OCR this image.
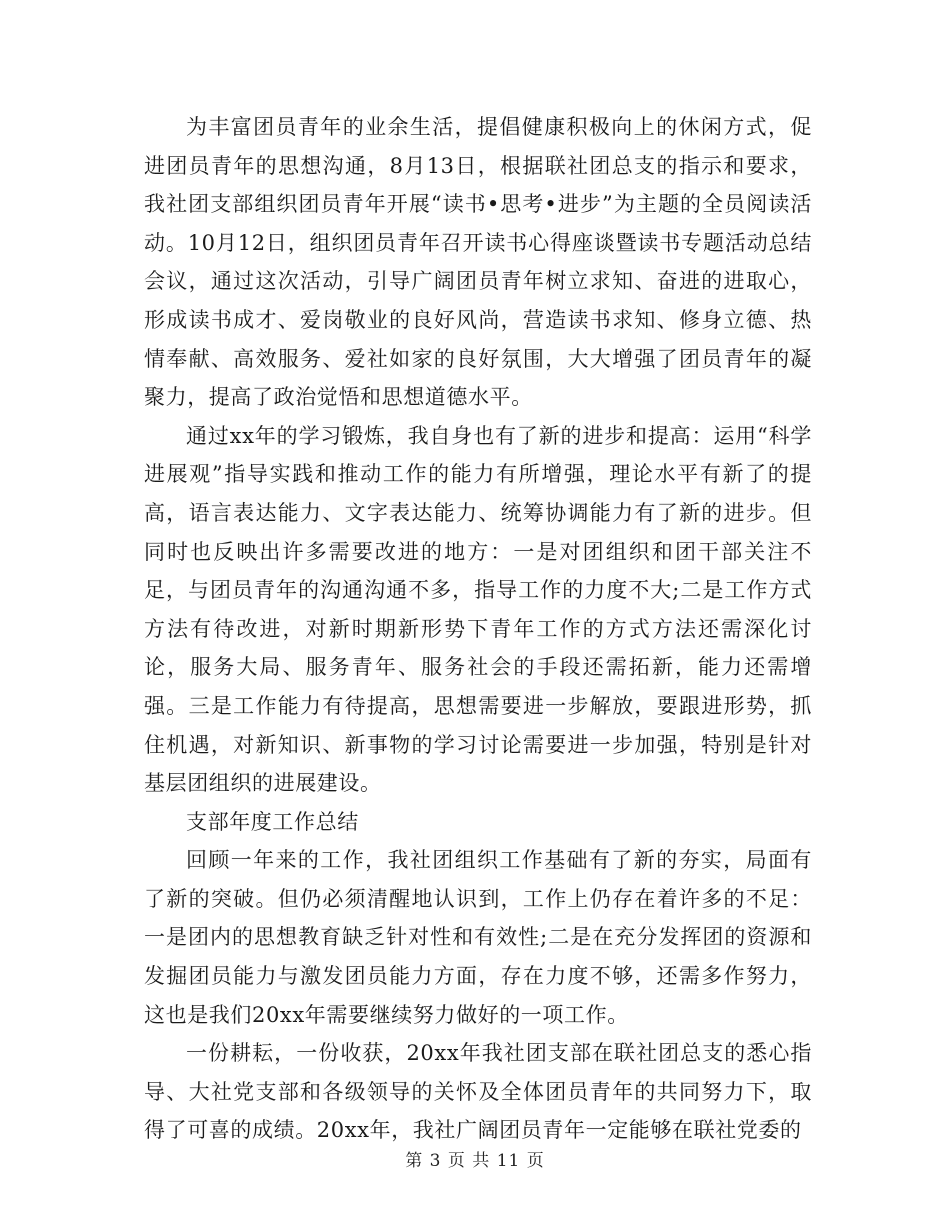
为丰富团员青年的业余生活，提倡健康积极向上的休闲方式，促进团员青年的思想沟通，8月13日，根据联社团总支的指示和要求，我社团支部组织团员青年开展“读书•思考•进步”为主题的全员阅读活动。10月12日，组织团员青年召开读书心得座谈暨读书专题活动总结会议，通过这次活动，引导广阔团员青年树立求知、奋进的进取心，形成读书成才、爱岗敬业的良好风尚，营造读书求知、修身立德、热情奉献、高效服务、爱社如家的良好氛围，大大增强了团员青年的凝聚力，提高了政治觉悟和思想道德水平。

通过xx年的学习锻炼，我自身也有了新的进步和提高：运用“科学进展观”指导实践和推动工作的能力有所增强，理论水平有新了的提高，语言表达能力、文字表达能力、统筹协调能力有了新的进步。但同时也反映出许多需要改进的地方：一是对团组织和团干部关注不足，与团员青年的沟通沟通不多，指导工作的力度不大;二是工作方式方法有待改进，对新时期新形势下青年工作的方式方法还需深化讨论，服务大局、服务青年、服务社会的手段还需拓新，能力还需增强。三是工作能力有待提高，思想需要进一步解放，要跟进形势，抓住机遇，对新知识、新事物的学习讨论需要进一步加强，特别是针对基层团组织的进展建设。

支部年度工作总结

回顾一年来的工作，我社团组织工作基础有了新的夯实，局面有了新的突破。但仍必须清醒地认识到，工作上仍存在着许多的不足：一是团内的思想教育缺乏针对性和有效性;二是在充分发挥团的资源和发掘团员能力与激发团员能力方面，存在力度不够，还需多作努力，这也是我们20xx年需要继续努力做好的一项工作。

一份耕耘，一份收获，20xx年我社团支部在联社团总支的悉心指导、大社党支部和各级领导的关怀及全体团员青年的共同努力下，取得了可喜的成绩。20xx年，我社广阔团员青年一定能够在联社党委的

第 3 页 共 11 页
